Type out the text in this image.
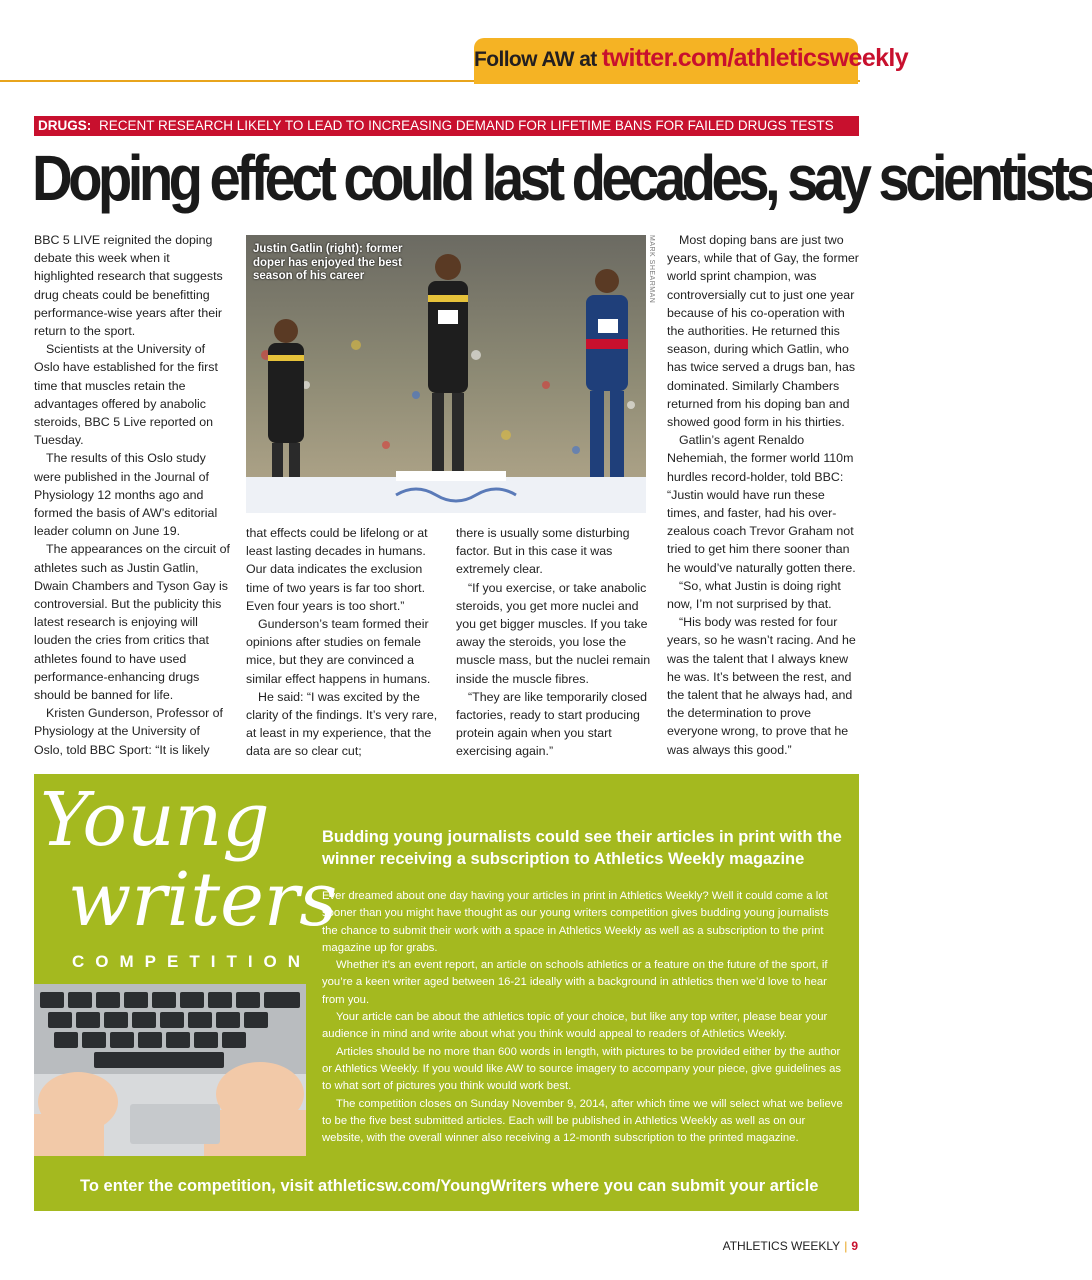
Follow AW at twitter.com/athleticsweekly
DRUGS: RECENT RESEARCH LIKELY TO LEAD TO INCREASING DEMAND FOR LIFETIME BANS FOR FAILED DRUGS TESTS
Doping effect could last decades, say scientists

BBC 5 LIVE reignited the doping debate this week when it highlighted research that suggests drug cheats could be benefitting performance-wise years after their return to the sport.

Scientists at the University of Oslo have established for the first time that muscles retain the advantages offered by anabolic steroids, BBC 5 Live reported on Tuesday.

The results of this Oslo study were published in the Journal of Physiology 12 months ago and formed the basis of AW’s editorial leader column on June 19.

The appearances on the circuit of athletes such as Justin Gatlin, Dwain Chambers and Tyson Gay is controversial. But the publicity this latest research is enjoying will louden the cries from critics that athletes found to have used performance-enhancing drugs should be banned for life.

Kristen Gunderson, Professor of Physiology at the University of Oslo, told BBC Sport: “It is likely

Justin Gatlin (right): former doper has enjoyed the best season of his career	MARK SHEARMAN

that effects could be lifelong or at least lasting decades in humans. Our data indicates the exclusion time of two years is far too short. Even four years is too short.”

Gunderson’s team formed their opinions after studies on female mice, but they are convinced a similar effect happens in humans.

He said: “I was excited by the clarity of the findings. It’s very rare, at least in my experience, that the data are so clear cut;

there is usually some disturbing factor. But in this case it was extremely clear.

“If you exercise, or take anabolic steroids, you get more nuclei and you get bigger muscles. If you take away the steroids, you lose the muscle mass, but the nuclei remain inside the muscle fibres.

“They are like temporarily closed factories, ready to start producing protein again when you start exercising again.”

Most doping bans are just two years, while that of Gay, the former world sprint champion, was controversially cut to just one year because of his co-operation with the authorities. He returned this season, during which Gatlin, who has twice served a drugs ban, has dominated. Similarly Chambers returned from his doping ban and showed good form in his thirties.

Gatlin’s agent Renaldo Nehemiah, the former world 110m hurdles record-holder, told BBC: “Justin would have run these times, and faster, had his over-zealous coach Trevor Graham not tried to get him there sooner than he would’ve naturally gotten there.

“So, what Justin is doing right now, I’m not surprised by that.

“His body was rested for four years, so he wasn’t racing. And he was the talent that I always knew he was. It’s between the rest, and the talent that he always had, and the determination to prove everyone wrong, to prove that he was always this good.”

Young
writers
COMPETITION
Budding young journalists could see their articles in print with the winner receiving a subscription to Athletics Weekly magazine

Ever dreamed about one day having your articles in print in Athletics Weekly? Well it could come a lot sooner than you might have thought as our young writers competition gives budding young journalists the chance to submit their work with a space in Athletics Weekly as well as a subscription to the print magazine up for grabs.

Whether it’s an event report, an article on schools athletics or a feature on the future of the sport, if you’re a keen writer aged between 16-21 ideally with a background in athletics then we’d love to hear from you.

Your article can be about the athletics topic of your choice, but like any top writer, please bear your audience in mind and write about what you think would appeal to readers of Athletics Weekly.

Articles should be no more than 600 words in length, with pictures to be provided either by the author or Athletics Weekly. If you would like AW to source imagery to accompany your piece, give guidelines as to what sort of pictures you think would work best.

The competition closes on Sunday November 9, 2014, after which time we will select what we believe to be the five best submitted articles. Each will be published in Athletics Weekly as well as on our website, with the overall winner also receiving a 12-month subscription to the printed magazine.

To enter the competition, visit athleticsw.com/YoungWriters where you can submit your article
ATHLETICS WEEKLY | 9
